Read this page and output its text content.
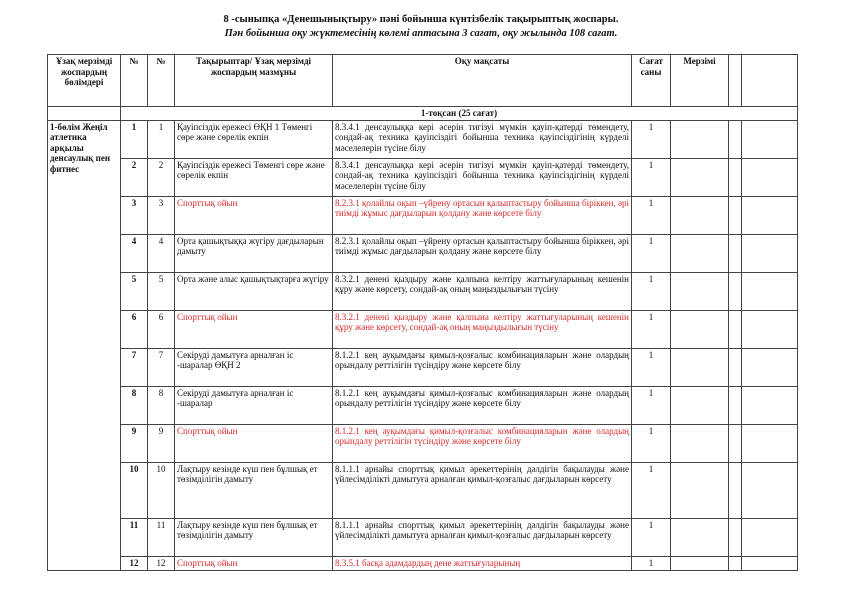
8 -сыныпқа «Денешынықтыру» пәні бойынша күнтізбелік тақырыптық жоспары.
Пән бойынша оқу жүктемесінің көлемі аптасына 3 сағат, оқу жылында 108 сағат.
Ұзақ мерзімді жоспардың бөлімдері	№	№	Тақырыптар/ Ұзақ мерзімді жоспардың мазмұны	Оқу мақсаты	Сағат саны	Мерзімі		
	1-тоқсан (25 сағат)							
1-бөлім Жеңіл атлетика арқылы денсаулық пен фитнес	1	1	Қауіпсіздік ережесі ӨҚН 1 Төменгі сөре және сөрелік екпін	8.3.4.1 денсаулыққа кері әсерін тигізуі мүмкін қауіп-қатерді төмендету, сондай-ақ техника қауіпсіздігі бойынша техника қауіпсіздігінің күрделі мәселелерін түсіне білу	1			
	2	2	Қауіпсіздік ережесі Төменгі сөре және сөрелік екпін	8.3.4.1 денсаулыққа кері әсерін тигізуі мүмкін қауіп-қатерді төмендету, сондай-ақ техника қауіпсіздігі бойынша техника қауіпсіздігінің күрделі мәселелерін түсіне білу	1			
	3	3	Спорттық ойын	8.2.3.1 қолайлы оқып –үйрену ортасын қалыптастыру бойынша біріккен, әрі тиімді жұмыс дағдыларын қолдану және көрсете білу	1			
	4	4	Орта қашықтыққа жүгіру дағдыларын дамыту	8.2.3.1 қолайлы оқып –үйрену ортасын қалыптастыру бойынша біріккен, әрі тиімді жұмыс дағдыларын қолдану және көрсете білу	1			
	5	5	Орта және алыс қашықтықтарға жүгіру	8.3.2.1 денені қыздыру және қалпына келтіру жаттығуларының кешенін құру және көрсету, сондай-ақ оның маңыздылығын түсіну	1			
	6	6	Спорттық ойын	8.3.2.1 денені қыздыру және қалпына келтіру жаттығуларының кешенін құру және көрсету, сондай-ақ оның маңыздылығын түсіну	1			
	7	7	Секіруді дамытуға арналған іс -шаралар ӨҚН 2	8.1.2.1 кең ауқымдағы қимыл-қозғалыс комбинацияларын және олардың орындалу реттілігін түсіндіру және көрсете білу	1			
	8	8	Секіруді дамытуға арналған іс -шаралар	8.1.2.1 кең ауқымдағы қимыл-қозғалыс комбинацияларын және олардың орындалу реттілігін түсіндіру және көрсете білу	1			
	9	9	Спорттық ойын	8.1.2.1 кең ауқымдағы қимыл-қозғалыс комбинацияларын және олардың орындалу реттілігін түсіндіру және көрсете білу	1			
	10	10	Лақтыру кезінде күш пен бұлшық ет төзімділігін дамыту	8.1.1.1 арнайы спорттық қимыл әрекеттерінің дәлдігін бақылауды және үйлесімділікті дамытуға арналған қимыл-қозғалыс дағдыларын көрсету	1			
	11	11	Лақтыру кезінде күш пен бұлшық ет төзімділігін дамыту	8.1.1.1 арнайы спорттық қимыл әрекеттерінің дәлдігін бақылауды және үйлесімділікті дамытуға арналған қимыл-қозғалыс дағдыларын көрсету	1			
	12	12	Спорттық ойын	8.3.5.1 басқа адамдардың дене жаттығуларының	1			
